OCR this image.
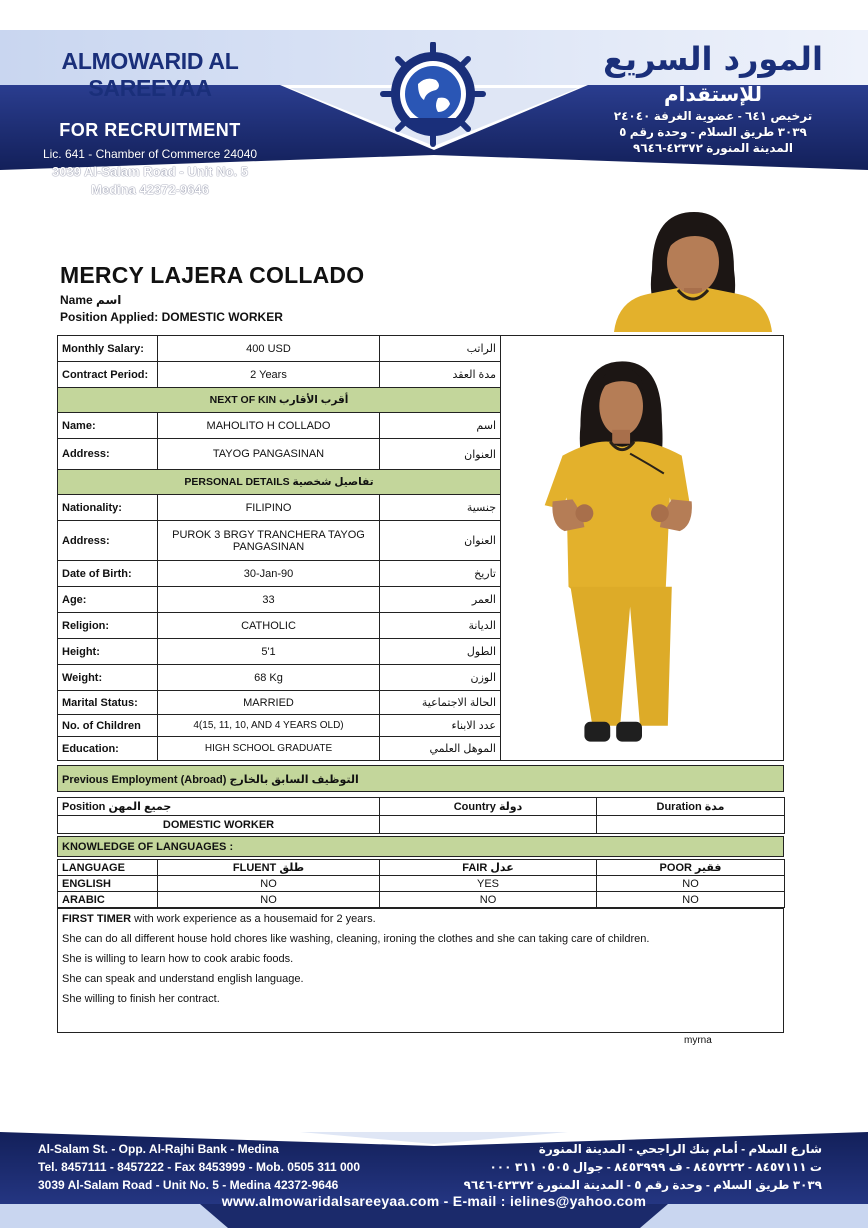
ALMOWARID AL SAREEYAA
FOR RECRUITMENT
Lic. 641 - Chamber of Commerce 24040
3039 Al-Salam Road - Unit No. 5
Medina 42372-9646
المورد السريع
للإستقدام
ترخيص ٦٤١ - عضوية الغرفة ٢٤٠٤٠
٣٠٣٩ طريق السلام - وحدة رقم ٥
المدينة المنورة ٤٢٣٧٢-٩٦٤٦
MERCY LAJERA COLLADO
Name اسم
Position Applied: DOMESTIC WORKER
Monthly Salary:	400 USD	الراتب
Contract Period:	2 Years	مدة العقد
NEXT OF KIN أقرب الأقارب		
Name:	MAHOLITO H COLLADO	اسم
Address:	TAYOG PANGASINAN	العنوان
PERSONAL DETAILS تفاصيل شخصية		
Nationality:	FILIPINO	جنسية
Address:	PUROK 3 BRGY TRANCHERA TAYOG PANGASINAN	العنوان
Date of Birth:	30-Jan-90	تاريخ
Age:	33	العمر
Religion:	CATHOLIC	الديانة
Height:	5'1	الطول
Weight:	68 Kg	الوزن
Marital Status:	MARRIED	الحالة الاجتماعية
No. of Children	4(15, 11, 10, AND 4 YEARS OLD)	عدد الابناء
Education:	HIGH SCHOOL GRADUATE	الموهل العلمي
Previous Employment (Abroad) التوظيف السابق بالخارج
Position جميع المهن	Country دولة	Duration مدة
DOMESTIC WORKER		
KNOWLEDGE OF LANGUAGES :
LANGUAGE	FLUENT طلق	FAIR عدل	POOR فقير
ENGLISH	NO	YES	NO
ARABIC	NO	NO	NO

FIRST TIMER with work experience as a housemaid for 2 years.

She can do all different house hold chores like washing, cleaning, ironing the clothes and she can taking care of children.

She is willing to learn how to cook arabic foods.

She can speak and understand english language.

She willing to finish her contract.

myrna
Al-Salam St. - Opp. Al-Rajhi Bank - Medina
Tel. 8457111 - 8457222 - Fax 8453999 - Mob. 0505 311 000
3039 Al-Salam Road - Unit No. 5 - Medina 42372-9646
شارع السلام - أمام بنك الراجحي - المدينة المنورة
ت ٨٤٥٧١١١ - ٨٤٥٧٢٢٢ - ف ٨٤٥٣٩٩٩ - جوال ٠٥٠٥ ٣١١ ٠٠٠
٣٠٣٩ طريق السلام - وحدة رقم ٥ - المدينة المنورة ٤٢٣٧٢-٩٦٤٦
www.almowaridalsareeyaa.com - E-mail : ielines@yahoo.com
